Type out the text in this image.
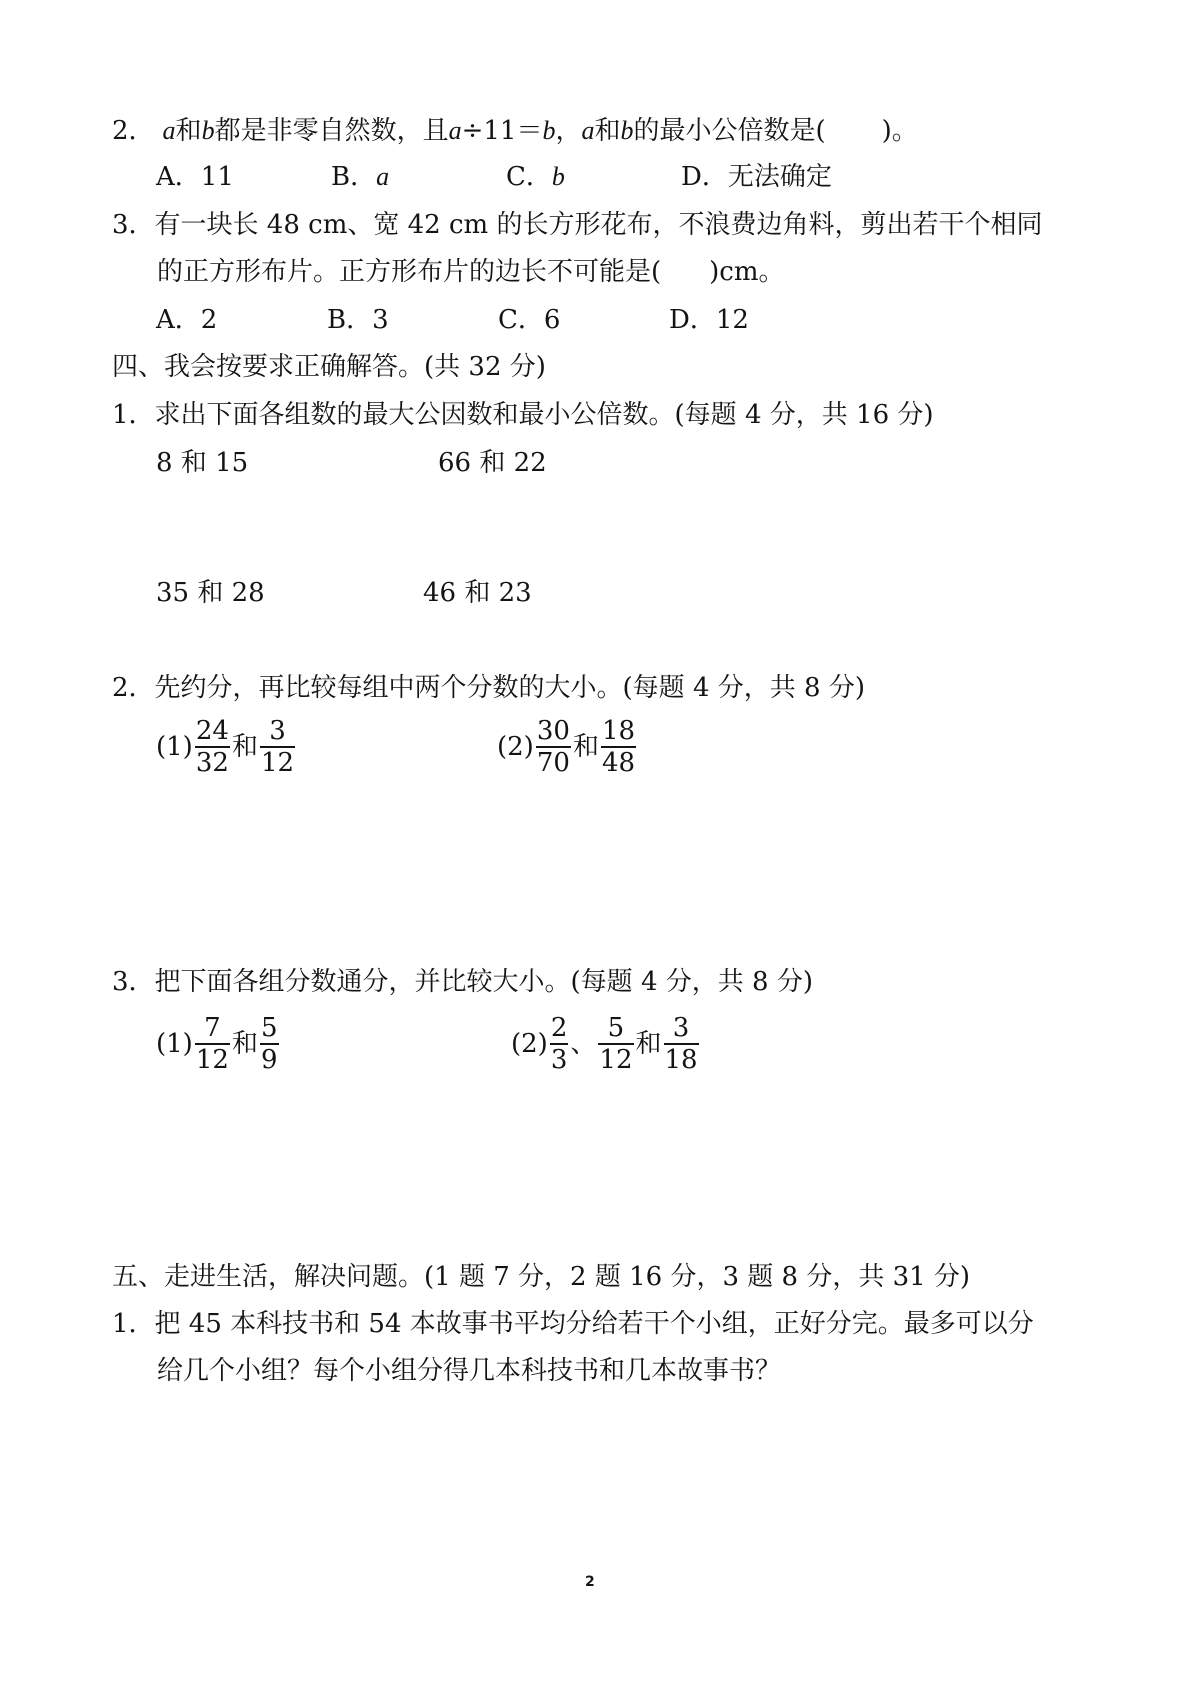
2． a和b都是非零自然数，且a÷11＝b，a和b的最小公倍数是( )。
A．11	B．a	C．b	D．无法确定
3．有一块长 48 cm、宽 42 cm 的长方形花布，不浪费边角料，剪出若干个相同
的正方形布片。正方形布片的边长不可能是( )cm。
A．2	B．3	C．6	D．12
四、我会按要求正确解答。(共 32 分)
1．求出下面各组数的最大公因数和最小公倍数。(每题 4 分，共 16 分)
8 和 15	66 和 22
35 和 28	46 和 23
2．先约分，再比较每组中两个分数的大小。(每题 4 分，共 8 分)
$(1) \frac{24}{32}$ 和 $\frac{3}{12}$	$(2) \frac{30}{70}$ 和 $\frac{18}{48}$
3．把下面各组分数通分，并比较大小。(每题 4 分，共 8 分)
$(1) \frac{7}{12}$ 和 $\frac{5}{9}$	$(2) \frac{2}{3}$ 、 $\frac{5}{12}$ 和 $\frac{3}{18}$
五、走进生活，解决问题。(1 题 7 分，2 题 16 分，3 题 8 分，共 31 分)
1．把 45 本科技书和 54 本故事书平均分给若干个小组，正好分完。最多可以分
给几个小组？每个小组分得几本科技书和几本故事书？
2
